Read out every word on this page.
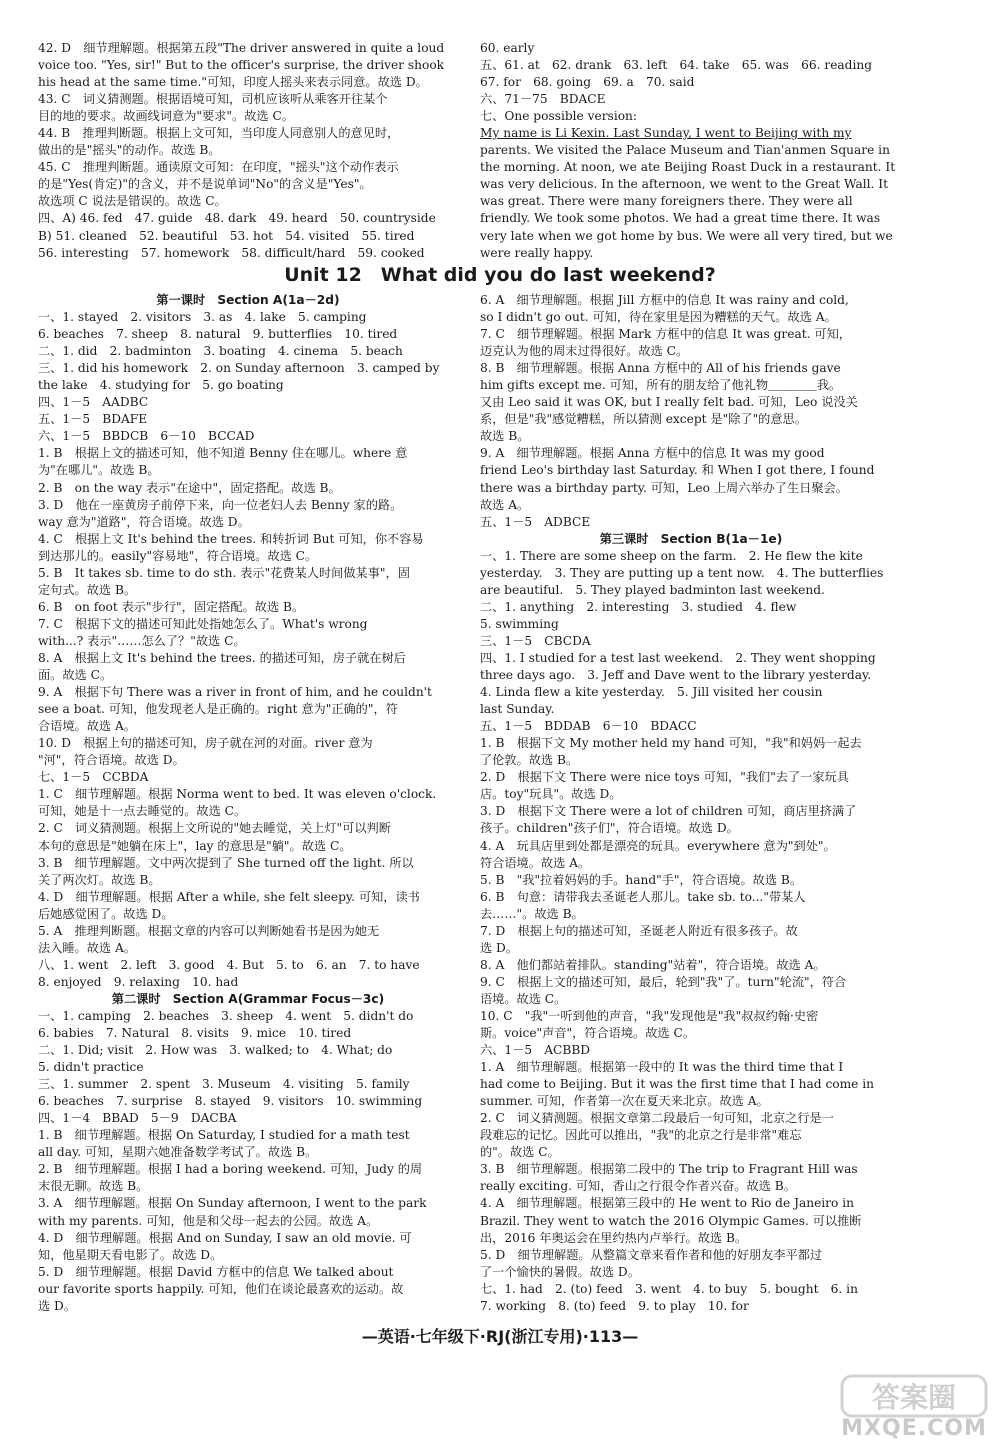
42. D　细节理解题。根据第五段"The driver answered in quite a loud
voice too. "Yes, sir!" But to the officer's surprise, the driver shook
his head at the same time."可知，印度人摇头来表示同意。故选 D。
43. C　词义猜测题。根据语境可知，司机应该听从乘客开往某个
目的地的要求。故画线词意为"要求"。故选 C。
44. B　推理判断题。根据上文可知，当印度人同意别人的意见时，
做出的是"摇头"的动作。故选 B。
45. C　推理判断题。通读原文可知：在印度，"摇头"这个动作表示
的是"Yes(肯定)"的含义，并不是说单词"No"的含义是"Yes"。
故选项 C 说法是错误的。故选 C。
四、A) 46. fed　47. guide　48. dark　49. heard　50. countryside
B) 51. cleaned　52. beautiful　53. hot　54. visited　55. tired
56. interesting　57. homework　58. difficult/hard　59. cooked
60. early
五、61. at　62. drank　63. left　64. take　65. was　66. reading
67. for　68. going　69. a　70. said
六、71－75　BDACE
七、One possible version:
My name is Li Kexin. Last Sunday, I went to Beijing with my
parents. We visited the Palace Museum and Tian'anmen Square in
the morning. At noon, we ate Beijing Roast Duck in a restaurant. It
was very delicious. In the afternoon, we went to the Great Wall. It
was great. There were many foreigners there. They were all
friendly. We took some photos. We had a great time there. It was
very late when we got home by bus. We were all very tired, but we
were really happy.
Unit 12　What did you do last weekend?
第一课时　Section A(1a－2d)
一、1. stayed　2. visitors　3. as　4. lake　5. camping
6. beaches　7. sheep　8. natural　9. butterflies　10. tired
二、1. did　2. badminton　3. boating　4. cinema　5. beach
三、1. did his homework　2. on Sunday afternoon　3. camped by
the lake　4. studying for　5. go boating
四、1－5　AADBC
五、1－5　BDAFE
六、1－5　BBDCB　6－10　BCCAD
1. B　根据上文的描述可知，他不知道 Benny 住在哪儿。where 意
为"在哪儿"。故选 B。
2. B　on the way 表示"在途中"，固定搭配。故选 B。
3. D　他在一座黄房子前停下来，向一位老妇人去 Benny 家的路。
way 意为"道路"，符合语境。故选 D。
4. C　根据上文 It's behind the trees. 和转折词 But 可知，你不容易
到达那儿的。easily"容易地"，符合语境。故选 C。
5. B　It takes sb. time to do sth. 表示"花费某人时间做某事"，固
定句式。故选 B。
6. B　on foot 表示"步行"，固定搭配。故选 B。
7. C　根据下文的描述可知此处指她怎么了。What's wrong
with...? 表示"……怎么了？"故选 C。
8. A　根据上文 It's behind the trees. 的描述可知，房子就在树后
面。故选 C。
9. A　根据下句 There was a river in front of him, and he couldn't
see a boat. 可知，他发现老人是正确的。right 意为"正确的"，符
合语境。故选 A。
10. D　根据上句的描述可知，房子就在河的对面。river 意为
"河"，符合语境。故选 D。
七、1－5　CCBDA
1. C　细节理解题。根据 Norma went to bed. It was eleven o'clock.
可知，她是十一点去睡觉的。故选 C。
2. C　词义猜测题。根据上文所说的"她去睡觉，关上灯"可以判断
本句的意思是"她躺在床上"，lay 的意思是"躺"。故选 C。
3. B　细节理解题。文中两次提到了 She turned off the light. 所以
关了两次灯。故选 B。
4. D　细节理解题。根据 After a while, she felt sleepy. 可知，读书
后她感觉困了。故选 D。
5. A　推理判断题。根据文章的内容可以判断她看书是因为她无
法入睡。故选 A。
八、1. went　2. left　3. good　4. But　5. to　6. an　7. to have
8. enjoyed　9. relaxing　10. had
第二课时　Section A(Grammar Focus－3c)
一、1. camping　2. beaches　3. sheep　4. went　5. didn't do
6. babies　7. Natural　8. visits　9. mice　10. tired
二、1. Did; visit　2. How was　3. walked; to　4. What; do
5. didn't practice
三、1. summer　2. spent　3. Museum　4. visiting　5. family
6. beaches　7. surprise　8. stayed　9. visitors　10. swimming
四、1－4　BBAD　5－9　DACBA
1. B　细节理解题。根据 On Saturday, I studied for a math test
all day. 可知，星期六她准备数学考试了。故选 B。
2. B　细节理解题。根据 I had a boring weekend. 可知，Judy 的周
末很无聊。故选 B。
3. A　细节理解题。根据 On Sunday afternoon, I went to the park
with my parents. 可知，他是和父母一起去的公园。故选 A。
4. D　细节理解题。根据 And on Sunday, I saw an old movie. 可
知，他星期天看电影了。故选 D。
5. D　细节理解题。根据 David 方框中的信息 We talked about
our favorite sports happily. 可知，他们在谈论最喜欢的运动。故
选 D。
6. A　细节理解题。根据 Jill 方框中的信息 It was rainy and cold,
so I didn't go out. 可知，待在家里是因为糟糕的天气。故选 A。
7. C　细节理解题。根据 Mark 方框中的信息 It was great. 可知，
迈克认为他的周末过得很好。故选 C。
8. B　细节理解题。根据 Anna 方框中的 All of his friends gave
him gifts except me. 可知，所有的朋友给了他礼物＿＿＿＿我。
又由 Leo said it was OK, but I really felt bad. 可知，Leo 说没关
系，但是"我"感觉糟糕，所以猜测 except 是"除了"的意思。
故选 B。
9. A　细节理解题。根据 Anna 方框中的信息 It was my good
friend Leo's birthday last Saturday. 和 When I got there, I found
there was a birthday party. 可知，Leo 上周六举办了生日聚会。
故选 A。
五、1－5　ADBCE
第三课时　Section B(1a－1e)
一、1. There are some sheep on the farm.　2. He flew the kite
yesterday.　3. They are putting up a tent now.　4. The butterflies
are beautiful.　5. They played badminton last weekend.
二、1. anything　2. interesting　3. studied　4. flew
5. swimming
三、1－5　CBCDA
四、1. I studied for a test last weekend.　2. They went shopping
three days ago.　3. Jeff and Dave went to the library yesterday.
4. Linda flew a kite yesterday.　5. Jill visited her cousin
last Sunday.
五、1－5　BDDAB　6－10　BDACC
1. B　根据下文 My mother held my hand 可知，"我"和妈妈一起去
了伦敦。故选 B。
2. D　根据下文 There were nice toys 可知，"我们"去了一家玩具
店。toy"玩具"。故选 D。
3. D　根据下文 There were a lot of children 可知，商店里挤满了
孩子。children"孩子们"，符合语境。故选 D。
4. A　玩具店里到处都是漂亮的玩具。everywhere 意为"到处"。
符合语境。故选 A。
5. B　"我"拉着妈妈的手。hand"手"，符合语境。故选 B。
6. B　句意：请带我去圣诞老人那儿。take sb. to..."带某人
去……"。故选 B。
7. D　根据上句的描述可知，圣诞老人附近有很多孩子。故
选 D。
8. A　他们都站着排队。standing"站着"，符合语境。故选 A。
9. C　根据上文的描述可知，最后，轮到"我"了。turn"轮流"，符合
语境。故选 C。
10. C　"我"一听到他的声音，"我"发现他是"我"叔叔约翰·史密
斯。voice"声音"，符合语境。故选 C。
六、1－5　ACBBD
1. A　细节理解题。根据第一段中的 It was the third time that I
had come to Beijing. But it was the first time that I had come in
summer. 可知，作者第一次在夏天来北京。故选 A。
2. C　词义猜测题。根据文章第二段最后一句可知，北京之行是一
段难忘的记忆。因此可以推出，"我"的北京之行是非常"难忘
的"。故选 C。
3. B　细节理解题。根据第二段中的 The trip to Fragrant Hill was
really exciting. 可知，香山之行很令作者兴奋。故选 B。
4. A　细节理解题。根据第三段中的 He went to Rio de Janeiro in
Brazil. They went to watch the 2016 Olympic Games. 可以推断
出，2016 年奥运会在里约热内卢举行。故选 B。
5. D　细节理解题。从整篇文章来看作者和他的好朋友李平都过
了一个愉快的暑假。故选 D。
七、1. had　2. (to) feed　3. went　4. to buy　5. bought　6. in
7. working　8. (to) feed　9. to play　10. for
—英语·七年级下·RJ(浙江专用)·113—
答案圈
MXQE.COM
